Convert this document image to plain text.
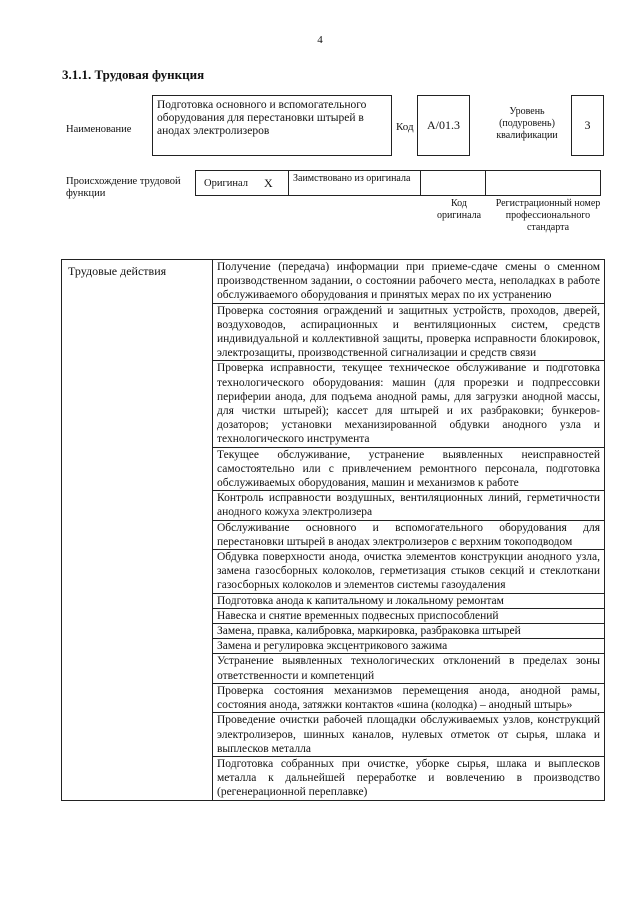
4
3.1.1. Трудовая функция
Наименование
Подготовка основного и вспомогательного оборудования для перестановки штырей в анодах электролизеров	Код	A/01.3
Уровень (подуровень) квалификации
3
Происхождение трудовой функции
Оригинал X	Заимствовано из оригинала
Код оригинала
Регистрационный номер профессионального стандарта
Трудовые действия	Получение (передача) информации при приеме-сдаче смены о сменном производственном задании, о состоянии рабочего места, неполадках в работе обслуживаемого оборудования и принятых мерах по их устранению
	Проверка состояния ограждений и защитных устройств, проходов, дверей, воздуховодов, аспирационных и вентиляционных систем, средств индивидуальной и коллективной защиты, проверка исправности блокировок, электрозащиты, производственной сигнализации и средств связи
	Проверка исправности, текущее техническое обслуживание и подготовка технологического оборудования: машин (для прорезки и подпрессовки периферии анода, для подъема анодной рамы, для загрузки анодной массы, для чистки штырей); кассет для штырей и их разбраковки; бункеров-дозаторов; установки механизированной обдувки анодного узла и технологического инструмента
	Текущее обслуживание, устранение выявленных неисправностей самостоятельно или с привлечением ремонтного персонала, подготовка обслуживаемых оборудования, машин и механизмов к работе
	Контроль исправности воздушных, вентиляционных линий, герметичности анодного кожуха электролизера
	Обслуживание основного и вспомогательного оборудования для перестановки штырей в анодах электролизеров с верхним токоподводом
	Обдувка поверхности анода, очистка элементов конструкции анодного узла, замена газосборных колоколов, герметизация стыков секций и стеклоткани газосборных колоколов и элементов системы газоудаления
	Подготовка анода к капитальному и локальному ремонтам
	Навеска и снятие временных подвесных приспособлений
	Замена, правка, калибровка, маркировка, разбраковка штырей
	Замена и регулировка эксцентрикового зажима
	Устранение выявленных технологических отклонений в пределах зоны ответственности и компетенций
	Проверка состояния механизмов перемещения анода, анодной рамы, состояния анода, затяжки контактов «шина (колодка) – анодный штырь»
	Проведение очистки рабочей площадки обслуживаемых узлов, конструкций электролизеров, шинных каналов, нулевых отметок от сырья, шлака и выплесков металла
	Подготовка собранных при очистке, уборке сырья, шлака и выплесков металла к дальнейшей переработке и вовлечению в производство (регенерационной переплавке)
